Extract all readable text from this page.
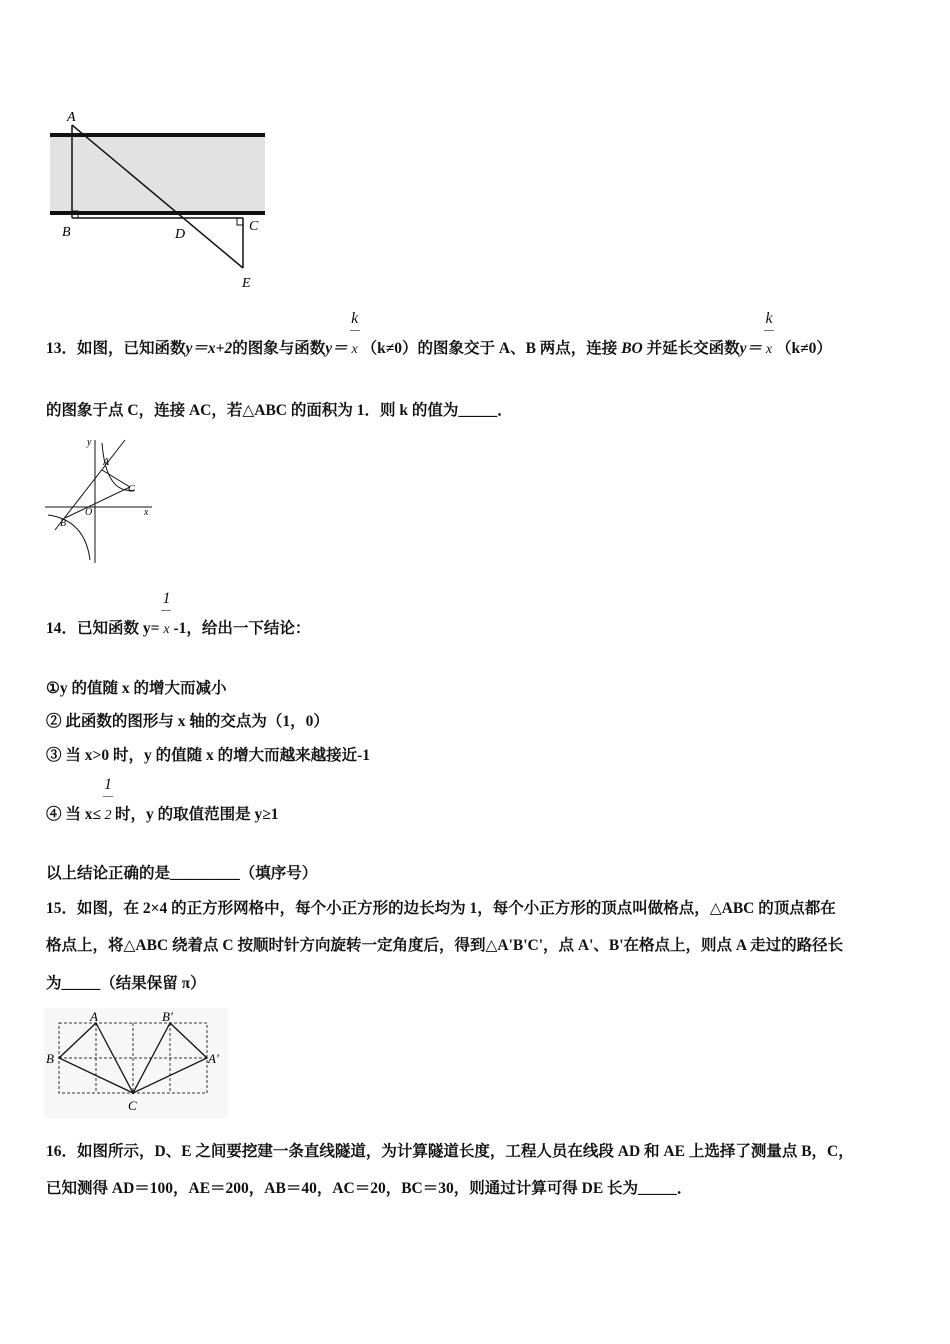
A
B	D
C
E
13．如图，已知函数y＝x+2的图象与函数$y= \frac{k}{x}(k\ne 0)$的图象交于 A、B 两点，连接 BO 并延长交函数$y= \frac{k}{x}(k\ne 0)$
的图象于点 C，连接 AC，若△ABC 的面积为 1．则 k 的值为_____．
y
A
C
O
B
x
14．已知函数 $y= \frac{1}{x}-1$，给出一下结论：
①y 的值随 x 的增大而减小
② 此函数的图形与 x 轴的交点为（1，0）
③ 当 x>0 时，y 的值随 x 的增大而越来越接近-1
④ 当 $x\le \frac{1}{2}$时，y 的取值范围是 y≥1
以上结论正确的是_________（填序号）
15．如图，在 2×4 的正方形网格中，每个小正方形的边长均为 1，每个小正方形的顶点叫做格点，△ABC 的顶点都在
格点上，将△ABC 绕着点 C 按顺时针方向旋转一定角度后，得到△A'B'C'，点 A'、B'在格点上，则点 A 走过的路径长
为_____（结果保留 π）
A	B'
B	A'
C
16．如图所示，D、E 之间要挖建一条直线隧道，为计算隧道长度，工程人员在线段 AD 和 AE 上选择了测量点 B，C，
已知测得 AD＝100，AE＝200，AB＝40，AC＝20，BC＝30，则通过计算可得 DE 长为_____．
